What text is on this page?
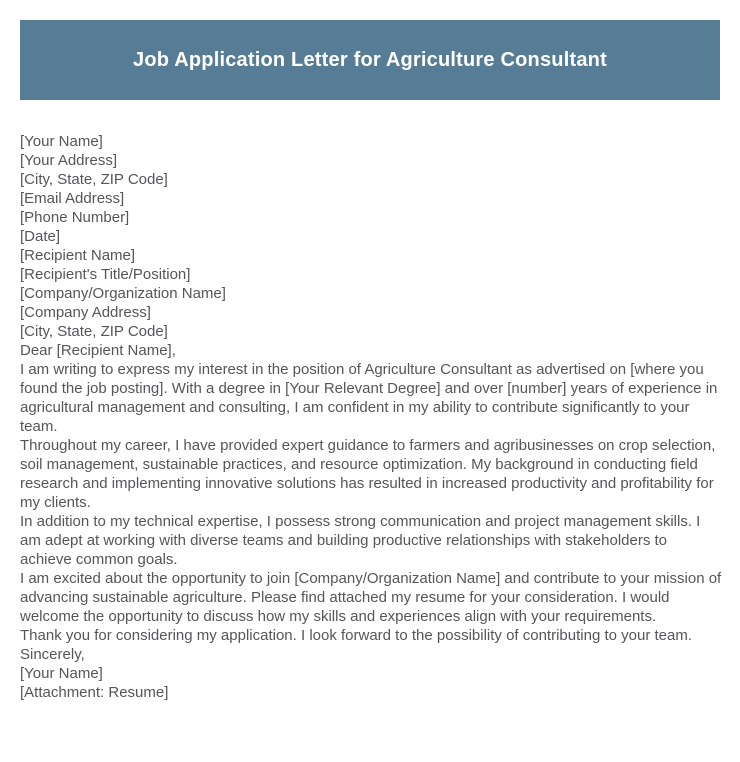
Job Application Letter for Agriculture Consultant
[Your Name]
[Your Address]
[City, State, ZIP Code]
[Email Address]
[Phone Number]
[Date]
[Recipient Name]
[Recipient's Title/Position]
[Company/Organization Name]
[Company Address]
[City, State, ZIP Code]
Dear [Recipient Name],

I am writing to express my interest in the position of Agriculture Consultant as advertised on [where you found the job posting]. With a degree in [Your Relevant Degree] and over [number] years of experience in agricultural management and consulting, I am confident in my ability to contribute significantly to your team.

Throughout my career, I have provided expert guidance to farmers and agribusinesses on crop selection, soil management, sustainable practices, and resource optimization. My background in conducting field research and implementing innovative solutions has resulted in increased productivity and profitability for my clients.

In addition to my technical expertise, I possess strong communication and project management skills. I am adept at working with diverse teams and building productive relationships with stakeholders to achieve common goals.

I am excited about the opportunity to join [Company/Organization Name] and contribute to your mission of advancing sustainable agriculture. Please find attached my resume for your consideration. I would welcome the opportunity to discuss how my skills and experiences align with your requirements.

Thank you for considering my application. I look forward to the possibility of contributing to your team.

Sincerely,
[Your Name]
[Attachment: Resume]
